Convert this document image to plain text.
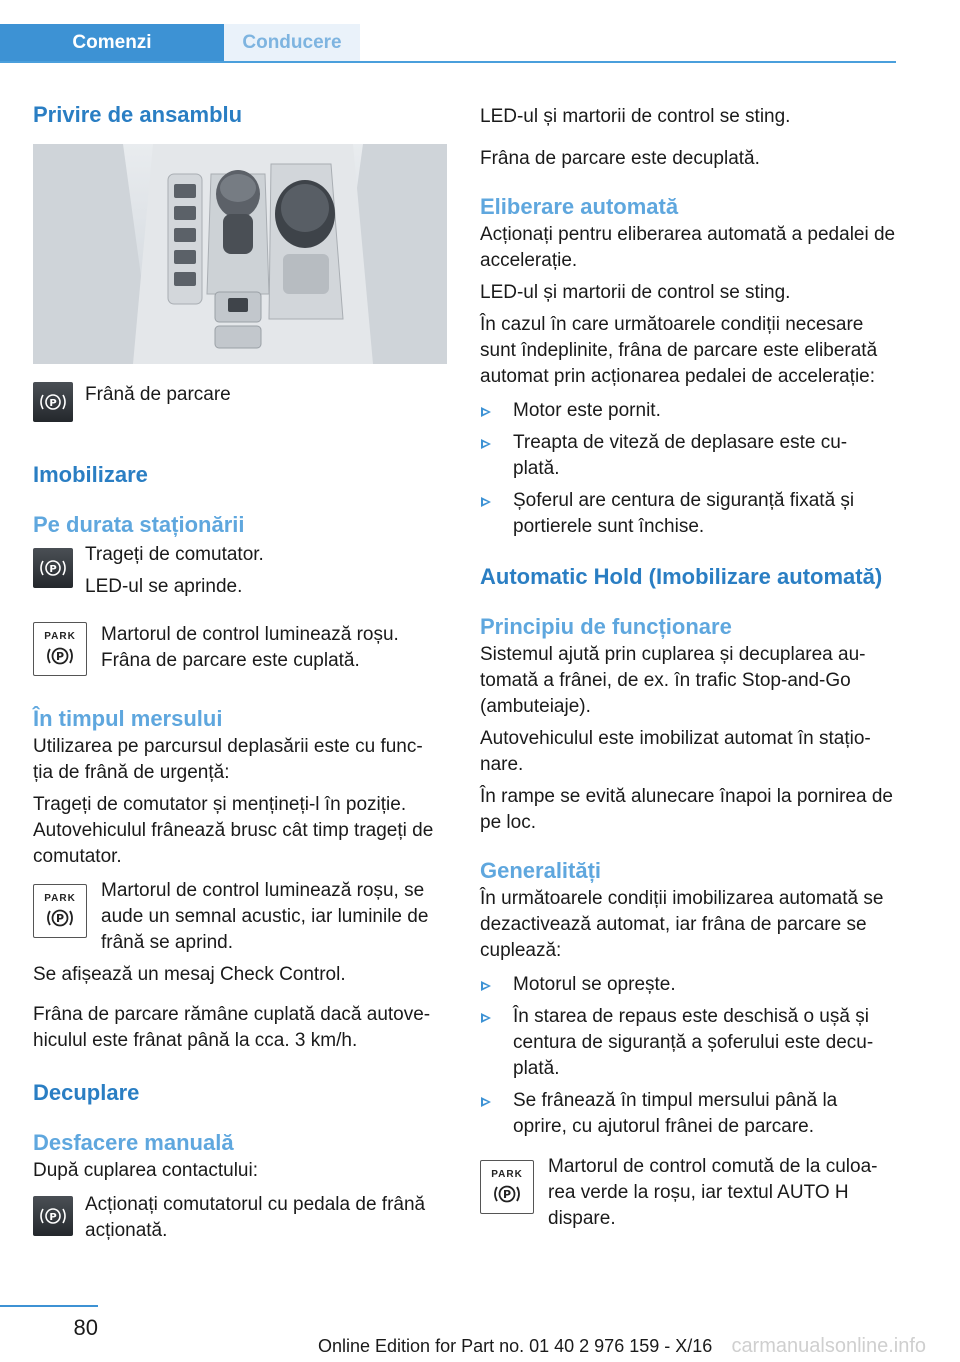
Comenzi	Conducere
Privire de ansamblu
P Frână de parcare

Imobilizare
Pe durata staționării
P

Trageți de comutator.

LED-ul se aprinde.

PARK
P

Martorul de control luminează roșu. Frâna de parcare este cuplată.

În timpul mersului

Utilizarea pe parcursul deplasării este cu func‐ ția de frână de urgență:

Trageți de comutator și mențineți-l în poziție. Autovehiculul frânează brusc cât timp trageți de comutator.

PARK
P

Martorul de control luminează roșu, se aude un semnal acustic, iar luminile de frână se aprind.

Se afișează un mesaj Check Control.

Frâna de parcare rămâne cuplată dacă autove‐ hiculul este frânat până la cca. 3 km/h.

Decuplare
Desfacere manuală

După cuplarea contactului:

P

Acționați comutatorul cu pedala de frână acționată.

LED-ul și martorii de control se sting.

Frâna de parcare este decuplată.

Eliberare automată

Acționați pentru eliberarea automată a pedalei de accelerație.

LED-ul și martorii de control se sting.

În cazul în care următoarele condiții necesare sunt îndeplinite, frâna de parcare este eliberată automat prin acționarea pedalei de accelerație:

Motor este pornit.
Treapta de viteză de deplasare este cu‐ plată.
Șoferul are centura de siguranță fixată și portierele sunt închise.
Automatic Hold (Imobilizare automată)
Principiu de funcționare

Sistemul ajută prin cuplarea și decuplarea au‐ tomată a frânei, de ex. în trafic Stop-and-Go (ambuteiaje).

Autovehiculul este imobilizat automat în stațio‐ nare.

În rampe se evită alunecare înapoi la pornirea de pe loc.

Generalități

În următoarele condiții imobilizarea automată se dezactivează automat, iar frâna de parcare se cuplează:

Motorul se oprește.
În starea de repaus este deschisă o ușă și centura de siguranță a șoferului este decu‐ plată.
Se frânează în timpul mersului până la oprire, cu ajutorul frânei de parcare.
PARK
P

Martorul de control comută de la culoa‐ rea verde la roșu, iar textul AUTO H dispare.

80
Online Edition for Part no. 01 40 2 976 159 - X/16 carmanualsonline.info
